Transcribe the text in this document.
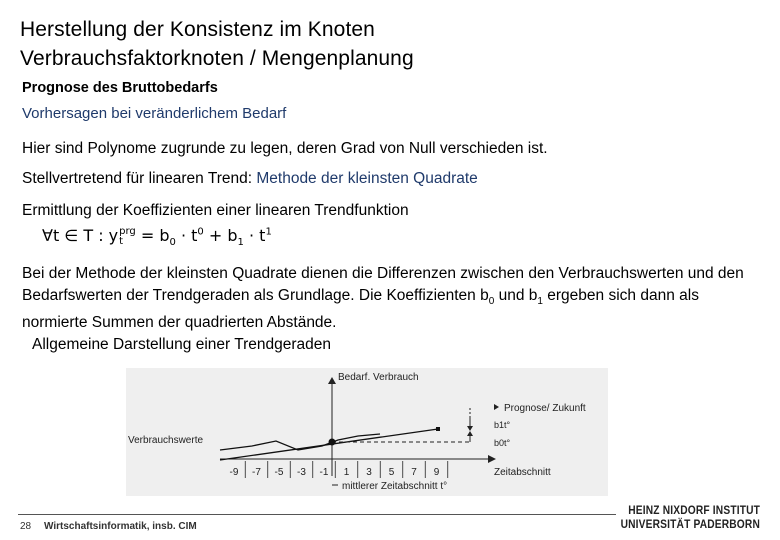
Herstellung der Konsistenz im Knoten
Verbrauchsfaktorknoten / Mengenplanung
Prognose des Bruttobedarfs
Vorhersagen bei veränderlichem Bedarf
Hier sind Polynome zugrunde zu legen, deren Grad von Null verschieden ist.
Stellvertretend für linearen Trend: Methode der kleinsten Quadrate
Ermittlung der Koeffizienten einer linearen Trendfunktion
∀t ∈ T : yprg
$t = b_0 \cdot t^0 + b_1 \cdot t^1$
Bei der Methode der kleinsten Quadrate dienen die Differenzen zwischen den Verbrauchswerten und den Bedarfswerten der Trendgeraden als Grundlage. Die Koeffizienten $b_0$ und $b_1$ ergeben sich dann als normierte Summen der quadrierten Abstände.
Allgemeine Darstellung einer Trendgeraden
Bedarf. Verbrauch
Zeitabschnitt
Verbrauchswerte
Prognose/ Zukunft
b1t°
b0t°
-9 -7 -5 -3 -1 1 3 5 7 9
mittlerer Zeitabschnitt t°
28 Wirtschaftsinformatik, insb. CIM
HEINZ NIXDORF INSTITUT
UNIVERSITÄT PADERBORN
